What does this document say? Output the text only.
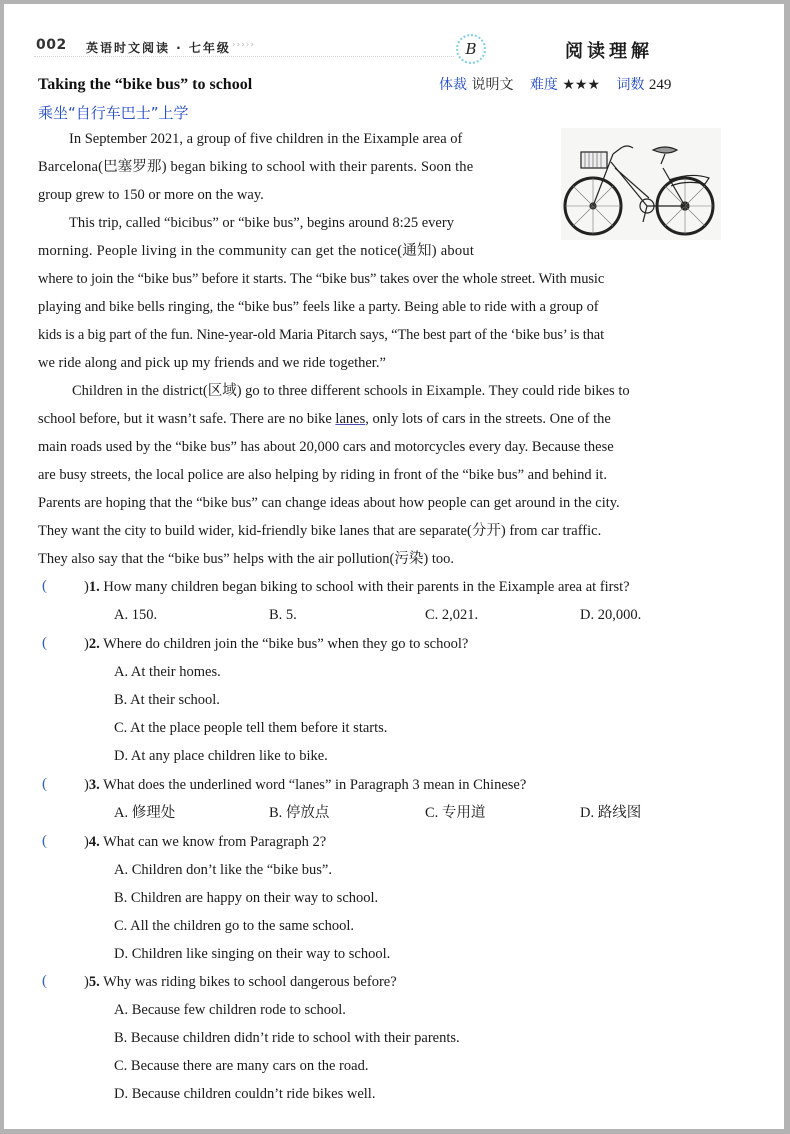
002 英语时文阅读 · 七年级 ›››››	B	阅读理解
Taking the “bike bus” to school	体裁 说明文 难度 ★★★ 词数 249
乘坐“自行车巴士”上学
In September 2021, a group of five children in the Eixample area of
Barcelona(巴塞罗那) began biking to school with their parents. Soon the
group grew to 150 or more on the way.
This trip, called “bicibus” or “bike bus”, begins around 8:25 every
morning. People living in the community can get the notice(通知) about
where to join the “bike bus” before it starts. The “bike bus” takes over the whole street. With music
playing and bike bells ringing, the “bike bus” feels like a party. Being able to ride with a group of
kids is a big part of the fun. Nine-year-old Maria Pitarch says, “The best part of the ‘bike bus’ is that
we ride along and pick up my friends and we ride together.”
Children in the district(区域) go to three different schools in Eixample. They could ride bikes to
school before, but it wasn’t safe. There are no bike lanes, only lots of cars in the streets. One of the
main roads used by the “bike bus” has about 20,000 cars and motorcycles every day. Because these
are busy streets, the local police are also helping by riding in front of the “bike bus” and behind it.
Parents are hoping that the “bike bus” can change ideas about how people can get around in the city.
They want the city to build wider, kid-friendly bike lanes that are separate(分开) from car traffic.
They also say that the “bike bus” helps with the air pollution(污染) too.
(	)1. How many children began biking to school with their parents in the Eixample area at first?
A. 150.	B. 5.	C. 2,021.	D. 20,000.
(	)2. Where do children join the “bike bus” when they go to school?
A. At their homes.
B. At their school.
C. At the place people tell them before it starts.
D. At any place children like to bike.
(	)3. What does the underlined word “lanes” in Paragraph 3 mean in Chinese?
A. 修理处	B. 停放点	C. 专用道	D. 路线图
(	)4. What can we know from Paragraph 2?
A. Children don’t like the “bike bus”.
B. Children are happy on their way to school.
C. All the children go to the same school.
D. Children like singing on their way to school.
(	)5. Why was riding bikes to school dangerous before?
A. Because few children rode to school.
B. Because children didn’t ride to school with their parents.
C. Because there are many cars on the road.
D. Because children couldn’t ride bikes well.
